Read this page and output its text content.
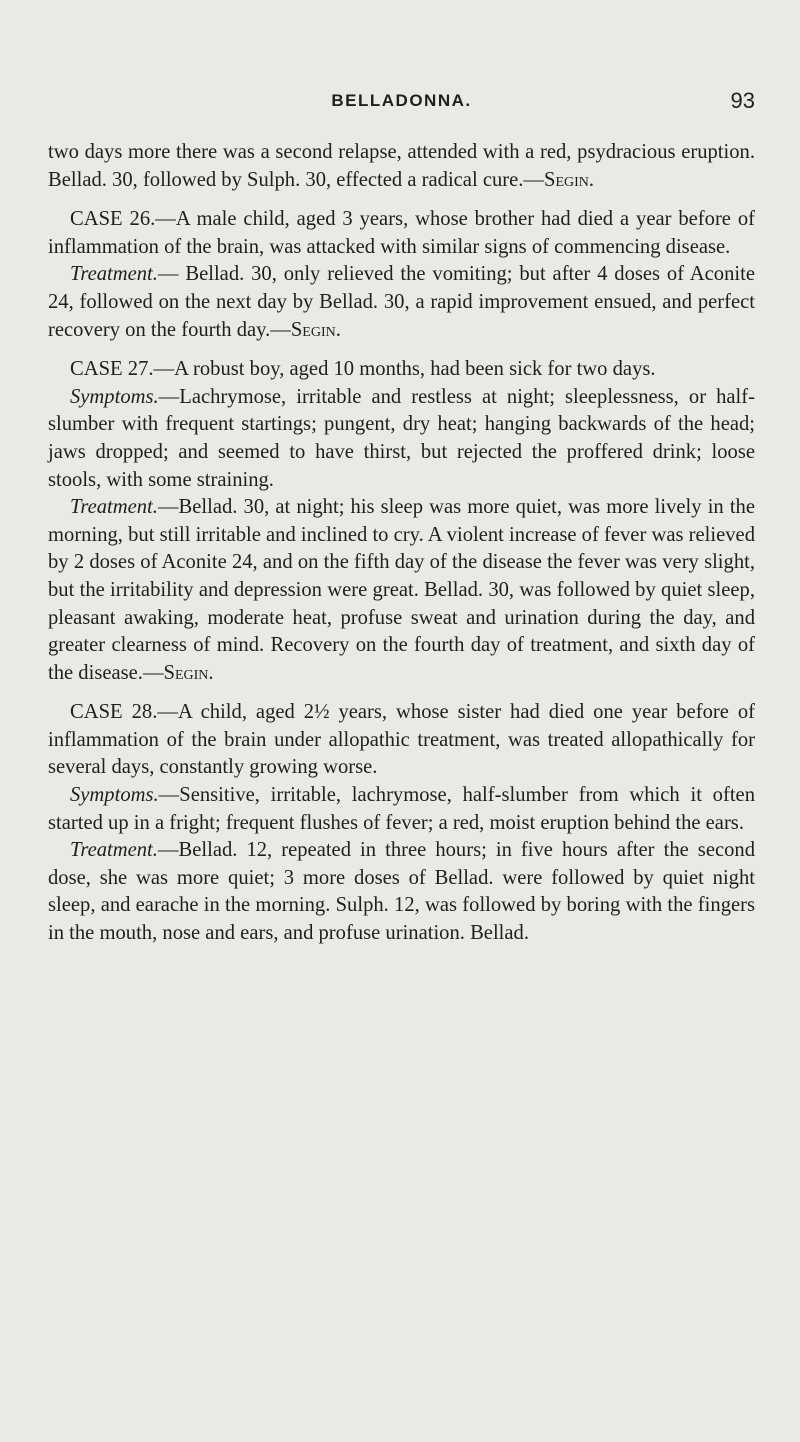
BELLADONNA.	93

two days more there was a second relapse, attended with a red, psydracious eruption. Bellad. 30, followed by Sulph. 30, effected a radical cure.—Segin.

CASE 26.—A male child, aged 3 years, whose brother had died a year before of inflammation of the brain, was attacked with similar signs of commencing disease.

Treatment.— Bellad. 30, only relieved the vomiting; but after 4 doses of Aconite 24, followed on the next day by Bellad. 30, a rapid improvement ensued, and perfect recovery on the fourth day.—Segin.

CASE 27.—A robust boy, aged 10 months, had been sick for two days.

Symptoms.—Lachrymose, irritable and restless at night; sleeplessness, or half-slumber with frequent startings; pungent, dry heat; hanging backwards of the head; jaws dropped; and seemed to have thirst, but rejected the proffered drink; loose stools, with some straining.

Treatment.—Bellad. 30, at night; his sleep was more quiet, was more lively in the morning, but still irritable and inclined to cry. A violent increase of fever was relieved by 2 doses of Aconite 24, and on the fifth day of the disease the fever was very slight, but the irritability and depression were great. Bellad. 30, was followed by quiet sleep, pleasant awaking, moderate heat, profuse sweat and urination during the day, and greater clearness of mind. Recovery on the fourth day of treatment, and sixth day of the disease.—Segin.

CASE 28.—A child, aged 2½ years, whose sister had died one year before of inflammation of the brain under allopathic treatment, was treated allopathically for several days, constantly growing worse.

Symptoms.—Sensitive, irritable, lachrymose, half-slumber from which it often started up in a fright; frequent flushes of fever; a red, moist eruption behind the ears.

Treatment.—Bellad. 12, repeated in three hours; in five hours after the second dose, she was more quiet; 3 more doses of Bellad. were followed by quiet night sleep, and earache in the morning. Sulph. 12, was followed by boring with the fingers in the mouth, nose and ears, and profuse urination. Bellad.
